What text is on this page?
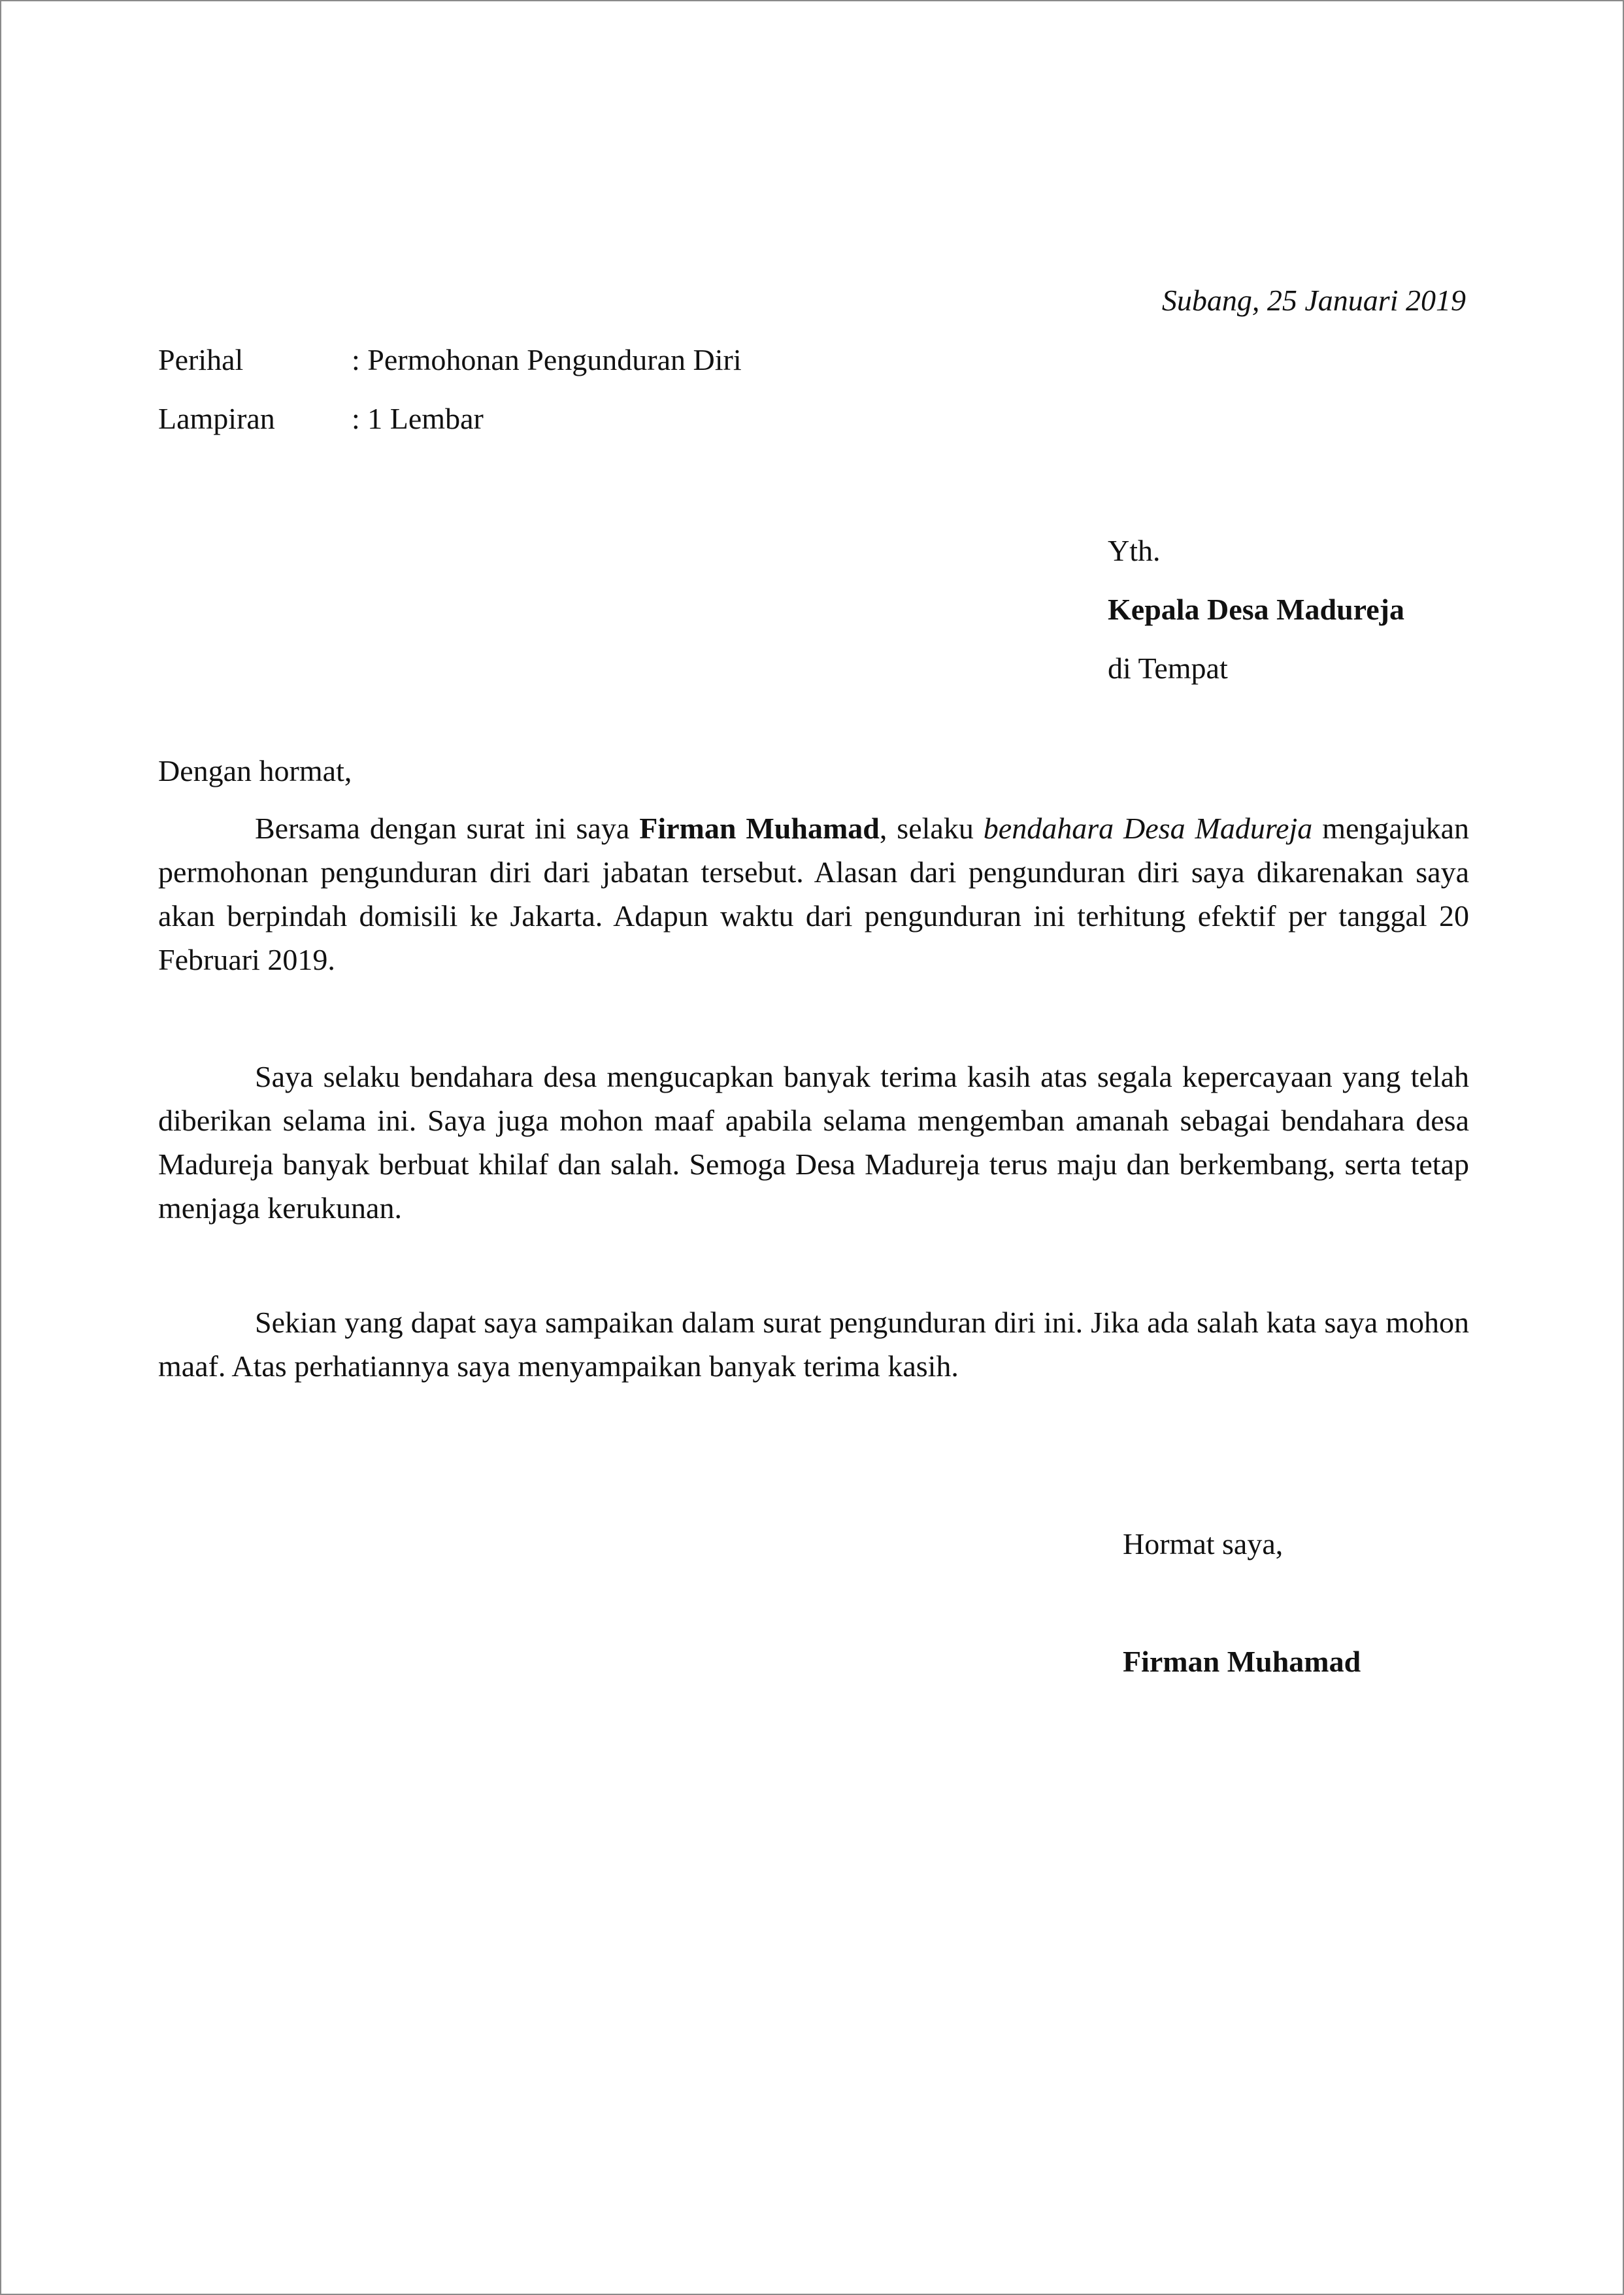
Subang, 25 Januari 2019
Perihal	: Permohonan Pengunduran Diri
Lampiran	: 1 Lembar
Yth.
Kepala Desa Madureja
di Tempat
Dengan hormat,
Bersama dengan surat ini saya Firman Muhamad, selaku bendahara Desa Madureja mengajukan permohonan pengunduran diri dari jabatan tersebut. Alasan dari pengunduran diri saya dikarenakan saya akan berpindah domisili ke Jakarta. Adapun waktu dari pengunduran ini terhitung efektif per tanggal 20 Februari 2019.
Saya selaku bendahara desa mengucapkan banyak terima kasih atas segala kepercayaan yang telah diberikan selama ini. Saya juga mohon maaf apabila selama mengemban amanah sebagai bendahara desa Madureja banyak berbuat khilaf dan salah. Semoga Desa Madureja terus maju dan berkembang, serta tetap menjaga kerukunan.
Sekian yang dapat saya sampaikan dalam surat pengunduran diri ini. Jika ada salah kata saya mohon maaf. Atas perhatiannya saya menyampaikan banyak terima kasih.
Hormat saya,
Firman Muhamad
